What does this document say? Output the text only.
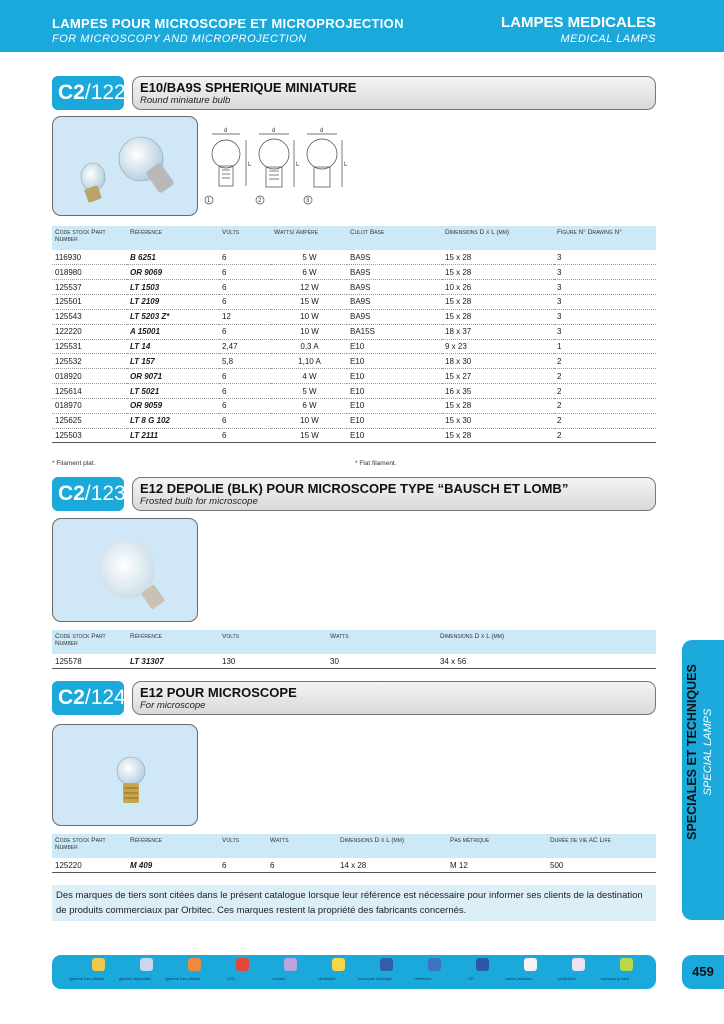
LAMPES POUR MICROSCOPE ET MICROPROJECTION
FOR MICROSCOPY AND MICROPROJECTION
LAMPES MEDICALES
MEDICAL LAMPS
C2/122 E10/BA9S SPHERIQUE MINIATURE
Round miniature bulb
d	d	d
L	L	L
1	2	3
Code stock Part Number	Référence	Volts	Watts/ Ampère	Culot Base	Dimensions D x L (mm)	Figure N° Drawing N°
116930	B 6251	6	5 W	BA9S	15 x 28	3
018980	OR 9069	6	6 W	BA9S	15 x 28	3
125537	LT 1503	6	12 W	BA9S	10 x 26	3
125501	LT 2109	6	15 W	BA9S	15 x 28	3
125543	LT 5203 Z*	12	10 W	BA9S	15 x 28	3
122220	A 15001	6	10 W	BA15S	18 x 37	3
125531	LT 14	2,47	0,3 A	E10	9 x 23	1
125532	LT 157	5,8	1,10 A	E10	18 x 30	2
018920	OR 9071	6	4 W	E10	15 x 27	2
125614	LT 5021	6	5 W	E10	16 x 35	2
018970	OR 9059	6	6 W	E10	15 x 28	2
125625	LT 8 G 102	6	10 W	E10	15 x 30	2
125503	LT 2111	6	15 W	E10	15 x 28	2
* Filament plat.	* Flat filament.
C2/123 E12 DEPOLIE (BLK) POUR MICROSCOPE TYPE “BAUSCH ET LOMB”
Frosted bulb for microscope
Code stock Part Number	Référence	Volts	Watts	Dimensions D x L (mm)
125578	LT 31307	130	30	34 x 56
C2/124 E12 POUR MICROSCOPE
For microscope
Code stock Part Number	Référence	Volts	Watts	Dimensions D x L (mm)	Pas métrique	Durée de vie AC Life
125220	M 409	6	6	14 x 28	M 12	500
Des marques de tiers sont citées dans le présent catalogue lorsque leur référence est nécessaire pour informer ses clients de la destination de produits commerciaux par Orbitec. Ces marques restent la propriété des fabricants concernés.
SPECIALES ET TECHNIQUES SPECIAL LAMPS
gamme très utilisée	gamme disponible	gamme très utilisée	LED	couleur	dimmable	économie d'énergie	référence	CE	basse pression	protection	nouveau produit	459
